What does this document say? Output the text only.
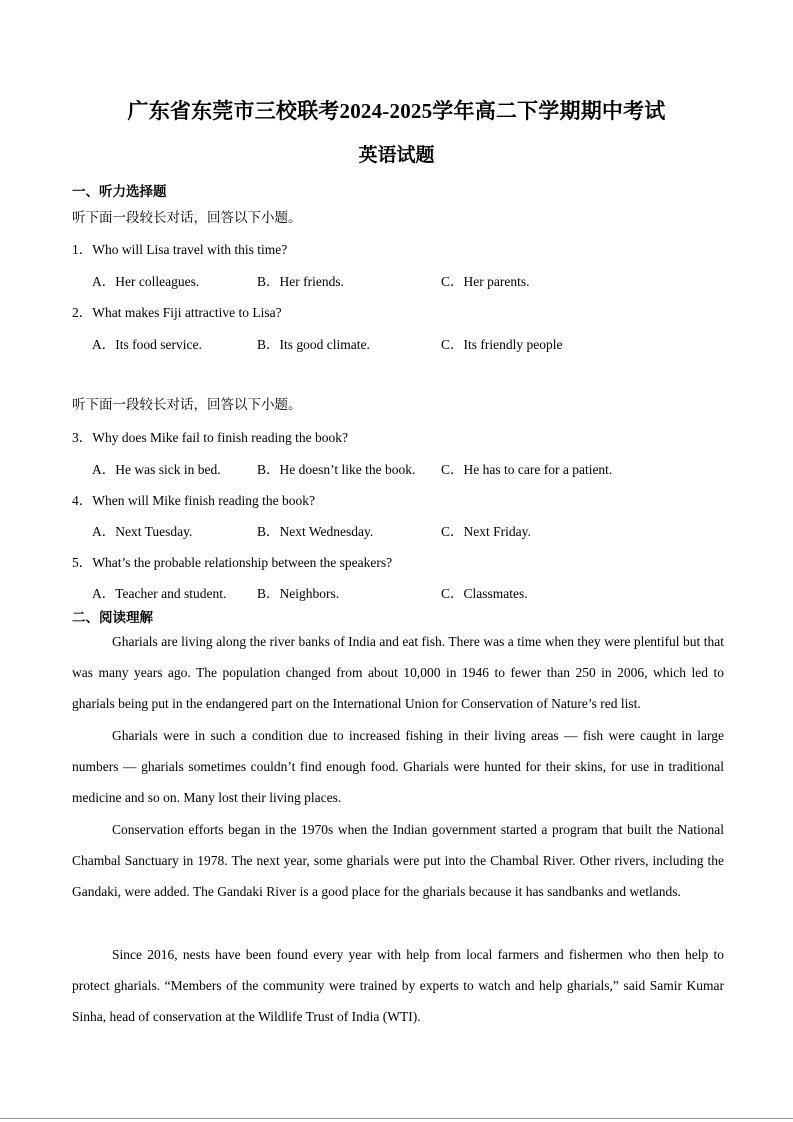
广东省东莞市三校联考2024-2025学年高二下学期期中考试
英语试题
一、听力选择题
听下面一段较长对话，回答以下小题。
1．Who will Lisa travel with this time?
A．Her colleagues.	B．Her friends.	C．Her parents.
2．What makes Fiji attractive to Lisa?
A．Its food service.	B．Its good climate.	C．Its friendly people
听下面一段较长对话，回答以下小题。
3．Why does Mike fail to finish reading the book?
A．He was sick in bed.	B．He doesn’t like the book. C．He has to care for a patient.
4．When will Mike finish reading the book?
A．Next Tuesday.	B．Next Wednesday.	C．Next Friday.
5．What’s the probable relationship between the speakers?
A．Teacher and student. B．Neighbors.	C．Classmates.
二、阅读理解
Gharials are living along the river banks of India and eat fish. There was a time when they were plentiful but that was many years ago. The population changed from about 10,000 in 1946 to fewer than 250 in 2006, which led to gharials being put in the endangered part on the International Union for Conservation of Nature’s red list.
Gharials were in such a condition due to increased fishing in their living areas — fish were caught in large numbers — gharials sometimes couldn’t find enough food. Gharials were hunted for their skins, for use in traditional medicine and so on. Many lost their living places.
Conservation efforts began in the 1970s when the Indian government started a program that built the National Chambal Sanctuary in 1978. The next year, some gharials were put into the Chambal River. Other rivers, including the Gandaki, were added. The Gandaki River is a good place for the gharials because it has sandbanks and wetlands.
Since 2016, nests have been found every year with help from local farmers and fishermen who then help to protect gharials. “Members of the community were trained by experts to watch and help gharials,” said Samir Kumar Sinha, head of conservation at the Wildlife Trust of India (WTI).
